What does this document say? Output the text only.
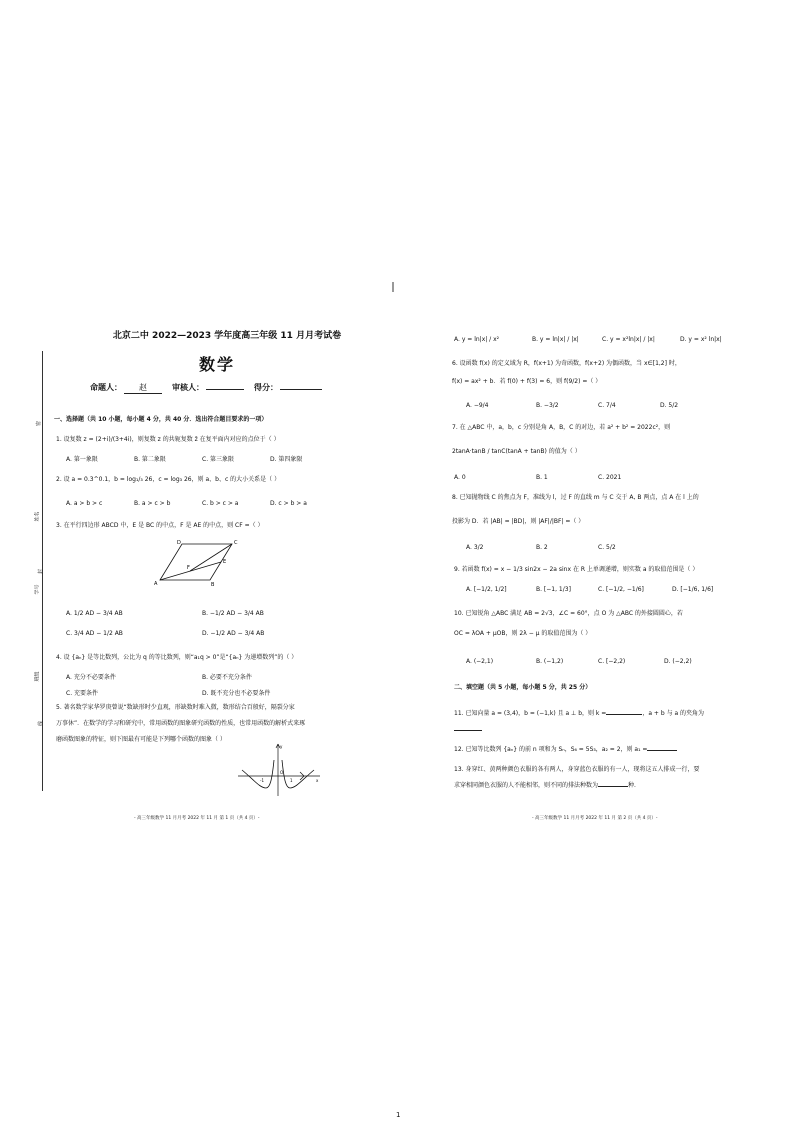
密
姓名
封
学号
班级
线
北京二中 2022—2023 学年度高三年级 11 月月考试卷
数学
命题人： 赵	审核人：	得分：
一、选择题（共 10 小题，每小题 4 分，共 40 分．选出符合题目要求的一项）
1. 设复数 z = (2+i)/(3+4i)，则复数 z 的共轭复数 z̄ 在复平面内对应的点位于（ ）
A. 第一象限	B. 第二象限	C. 第三象限	D. 第四象限
2. 设 a = 0.3^0.1，b = log₁/₃ 26，c = log₃ 26，则 a、b、c 的大小关系是（ ）
A. a > b > c	B. a > c > b	C. b > c > a	D. c > b > a
3. 在平行四边形 ABCD 中，E 是 BC 的中点，F 是 AE 的中点，则 CF =（ ）
D	C
E
F
A	B
A. 1/2 AD − 3/4 AB	B. −1/2 AD − 3/4 AB
C. 3/4 AD − 1/2 AB	D. −1/2 AD − 3/4 AB
4. 设 {aₙ} 是等比数列，公比为 q 的等比数列，则“a₁q > 0”是“{aₙ} 为递增数列”的（ ）
A. 充分不必要条件	B. 必要不充分条件
C. 充要条件	D. 既不充分也不必要条件
5. 著名数学家华罗庚曾说“数缺形时少直观，形缺数时难入微，数形结合百般好，隔裂分家
万事休”．在数学的学习和研究中，常用函数的图象研究函数的性质，也常用函数的解析式来琢
磨函数图象的特征，则下图最有可能是下列哪个函数的图象（ ）
y
O
x
-1	1
- 高三年级数学 11 月月考 2022 年 11 月 第 1 页（共 4 页）-
A. y = ln|x| / x²	B. y = ln|x| / |x|	C. y = x²ln|x| / |x|	D. y = x² ln|x|
6. 设函数 f(x) 的定义域为 R，f(x+1) 为奇函数，f(x+2) 为偶函数，当 x∈[1,2] 时，
f(x) = ax² + b．若 f(0) + f(3) = 6，则 f(9/2) =（ ）
A. −9/4	B. −3/2	C. 7/4	D. 5/2
7. 在 △ABC 中，a，b，c 分别是角 A，B，C 的对边，若 a² + b² = 2022c²，则
2tanA·tanB / tanC(tanA + tanB) 的值为（ ）
A. 0	B. 1	C. 2021
8. 已知抛物线 C 的焦点为 F，准线为 l，过 F 的直线 m 与 C 交于 A, B 两点，点 A 在 l 上的
投影为 D．若 |AB| = |BD|，则 |AF|/|BF| =（ ）
A. 3/2	B. 2	C. 5/2
9. 若函数 f(x) = x − 1/3 sin2x − 2a sinx 在 R 上单调递增，则实数 a 的取值范围是（ ）
A. [−1/2, 1/2]	B. [−1, 1/3]	C. [−1/2, −1/6]	D. [−1/6, 1/6]
10. 已知锐角 △ABC 满足 AB = 2√3，∠C = 60°，点 O 为 △ABC 的外接圆圆心，若
OC = λOA + μOB，则 2λ − μ 的取值范围为（ ）
A. (−2,1)	B. (−1,2)	C. [−2,2)	D. (−2,2)
二、填空题（共 5 小题，每小题 5 分，共 25 分）
11. 已知向量 a = (3,4)，b = (−1,k) 且 a ⊥ b，则 k =	，a + b 与 a 的夹角为
12. 已知等比数列 {aₙ} 的前 n 项和为 Sₙ，S₆ = 5S₃，a₂ = 2，则 a₁ =
13. 身穿红、黄两种颜色衣服的各有两人，身穿蓝色衣服的有一人，现将这五人排成一行，要
求穿相同颜色衣服的人不能相邻，则不同的排法种数为	种.
- 高三年级数学 11 月月考 2022 年 11 月 第 2 页（共 4 页）-
1
